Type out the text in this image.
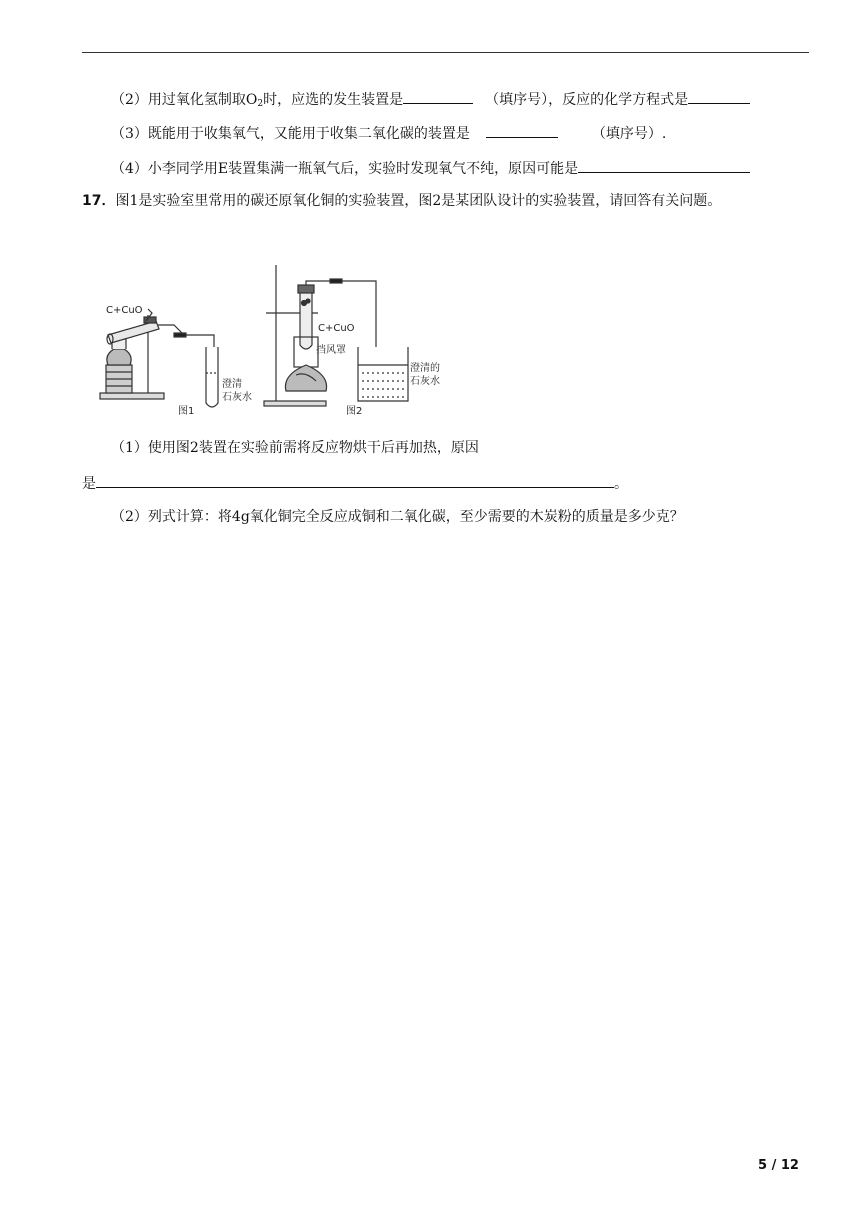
（2）用过氧化氢制取$O_2$时，应选的发生装置是	（填序号），反应的化学方程式是
（3）既能用于收集氧气，又能用于收集二氧化碳的装置是	（填序号）.
（4）小李同学用E装置集满一瓶氧气后，实验时发现氧气不纯，原因可能是
17．图1是实验室里常用的碳还原氧化铜的实验装置，图2是某团队设计的实验装置，请回答有关问题。
C+CuO
澄清
石灰水
图1
C+CuO
挡风罩
澄清的
石灰水
图2
（1）使用图2装置在实验前需将反应物烘干后再加热，原因
是	。
（2）列式计算：将4g氧化铜完全反应成铜和二氧化碳，至少需要的木炭粉的质量是多少克？
5 / 12
